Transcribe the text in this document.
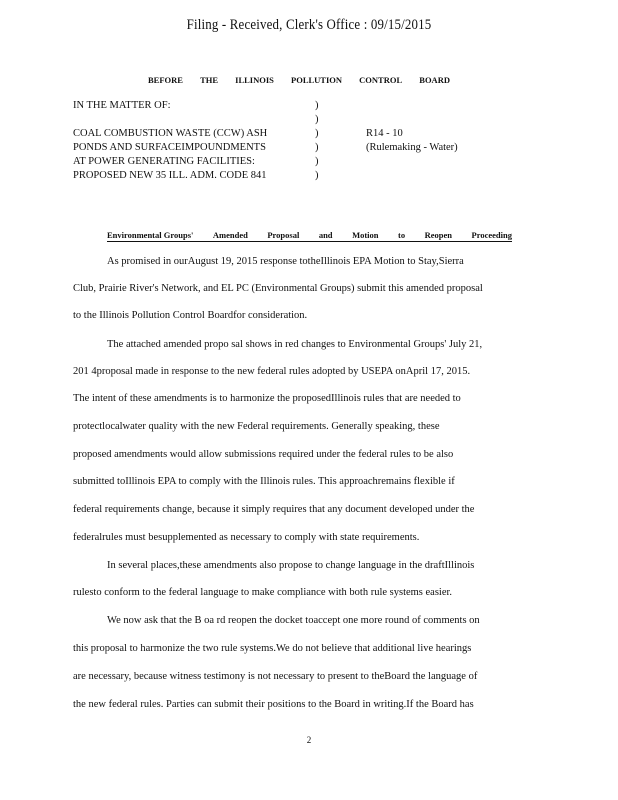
Filing - Received, Clerk's Office : 09/15/2015
BEFORE THE ILLINOIS POLLUTION CONTROL BOARD
IN THE MATTER OF:	)
)
)
)
)
)
COAL COMBUSTION WASTE (CCW) ASH
PONDS AND SURFACEIMPOUNDMENTS
AT POWER GENERATING FACILITIES:
PROPOSED NEW 35 ILL. ADM. CODE 841
R14 - 10
(Rulemaking - Water)
Environmental Groups' Amended Proposal and Motion to Reopen Proceeding
As promised in ourAugust 19, 2015 response totheIllinois EPA Motion to Stay,Sierra
Club, Prairie River's Network, and EL PC (Environmental Groups) submit this amended proposal
to the Illinois Pollution Control Boardfor consideration.
The attached amended propo sal shows in red changes to Environmental Groups' July 21,
201 4proposal made in response to the new federal rules adopted by USEPA onApril 17, 2015.
The intent of these amendments is to harmonize the proposedIllinois rules that are needed to
protectlocalwater quality with the new Federal requirements. Generally speaking, these
proposed amendments would allow submissions required under the federal rules to be also
submitted toIllinois EPA to comply with the Illinois rules. This approachremains flexible if
federal requirements change, because it simply requires that any document developed under the
federalrules must besupplemented as necessary to comply with state requirements.
In several places,these amendments also propose to change language in the draftIllinois
rulesto conform to the federal language to make compliance with both rule systems easier.
We now ask that the B oa rd reopen the docket toaccept one more round of comments on
this proposal to harmonize the two rule systems.We do not believe that additional live hearings
are necessary, because witness testimony is not necessary to present to theBoard the language of
the new federal rules. Parties can submit their positions to the Board in writing.If the Board has
2
